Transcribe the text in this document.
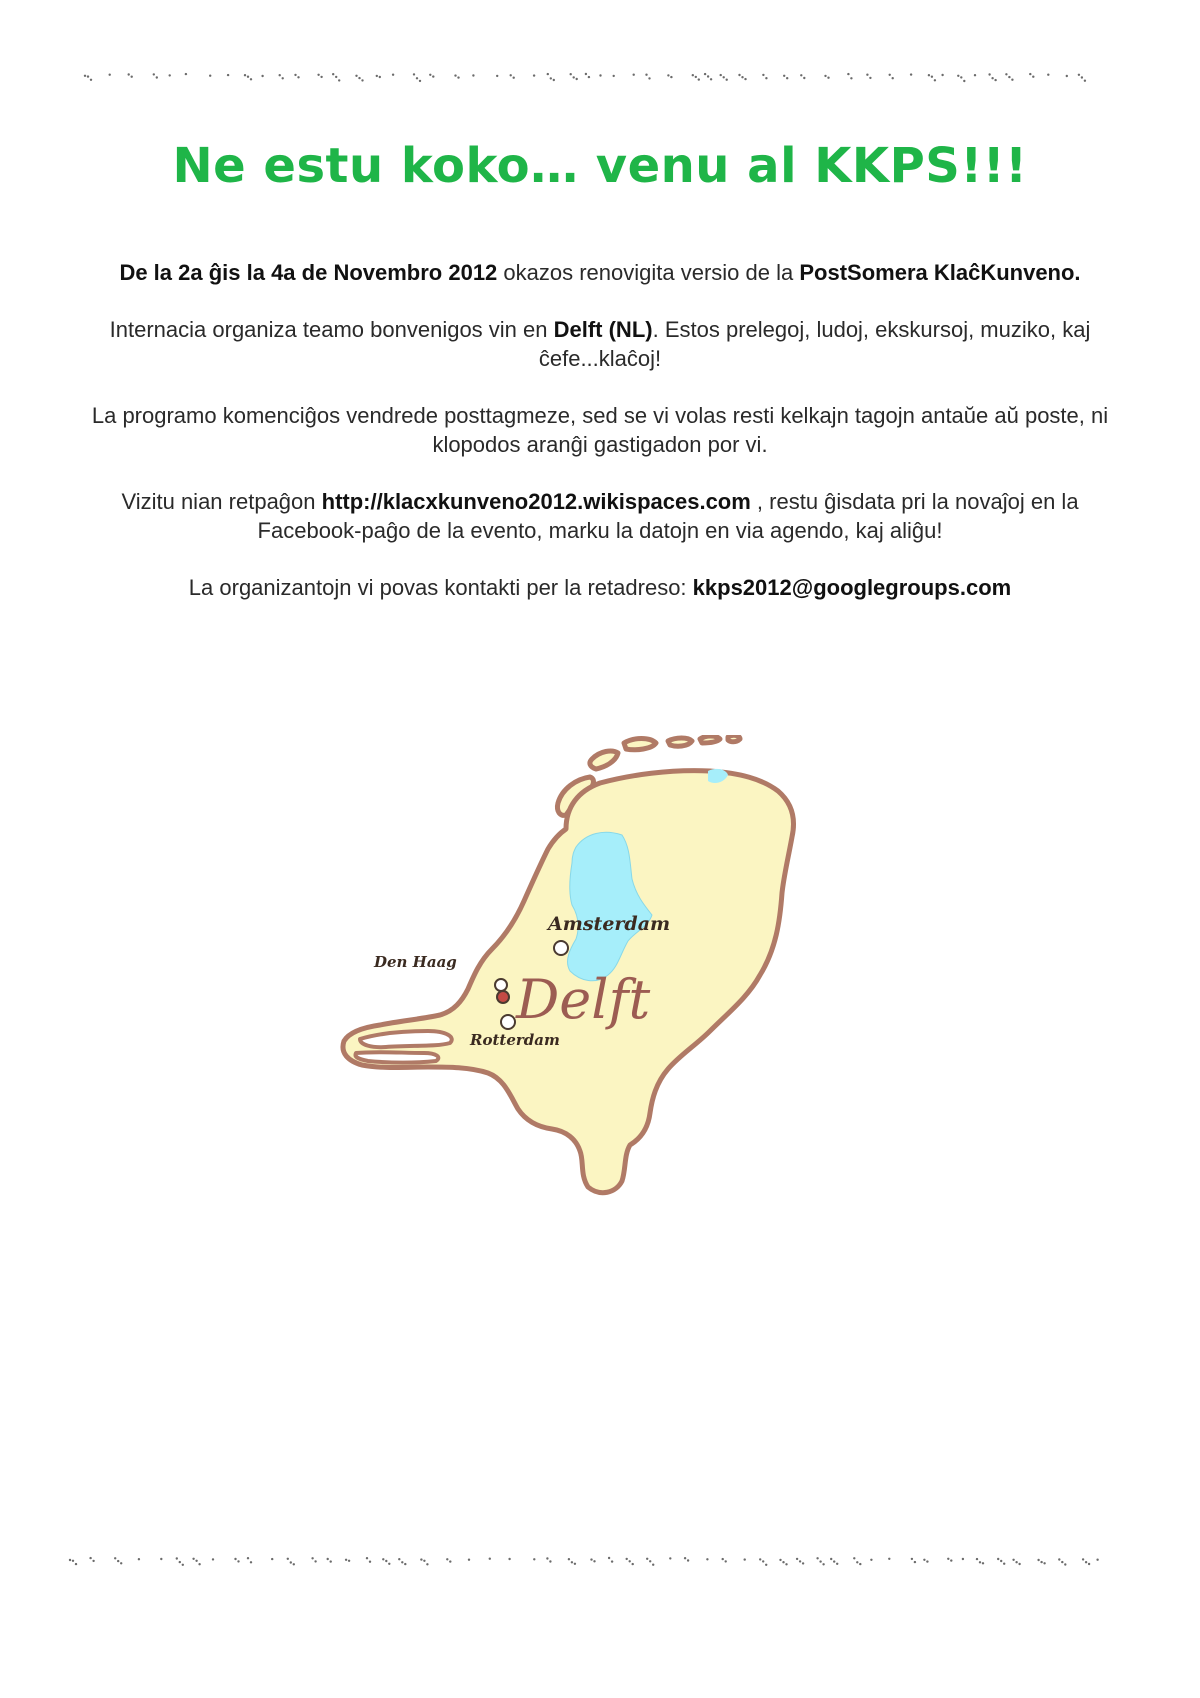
Ne estu koko… venu al KKPS!!!

De la 2a ĝis la 4a de Novembro 2012 okazos renovigita versio de la PostSomera KlaĉKunveno.

Internacia organiza teamo bonvenigos vin en Delft (NL). Estos prelegoj, ludoj, ekskursoj, muziko, kaj ĉefe...klaĉoj!

La programo komenciĝos vendrede posttagmeze, sed se vi volas resti kelkajn tagojn antaŭe aŭ poste, ni klopodos aranĝi gastigadon por vi.

Vizitu nian retpaĝon http://klacxkunveno2012.wikispaces.com , restu ĝisdata pri la novaĵoj en la Facebook-paĝo de la evento, marku la datojn en via agendo, kaj aliĝu!

La organizantojn vi povas kontakti per la retadreso: kkps2012@googlegroups.com

Amsterdam
Den Haag
Rotterdam
Delft
